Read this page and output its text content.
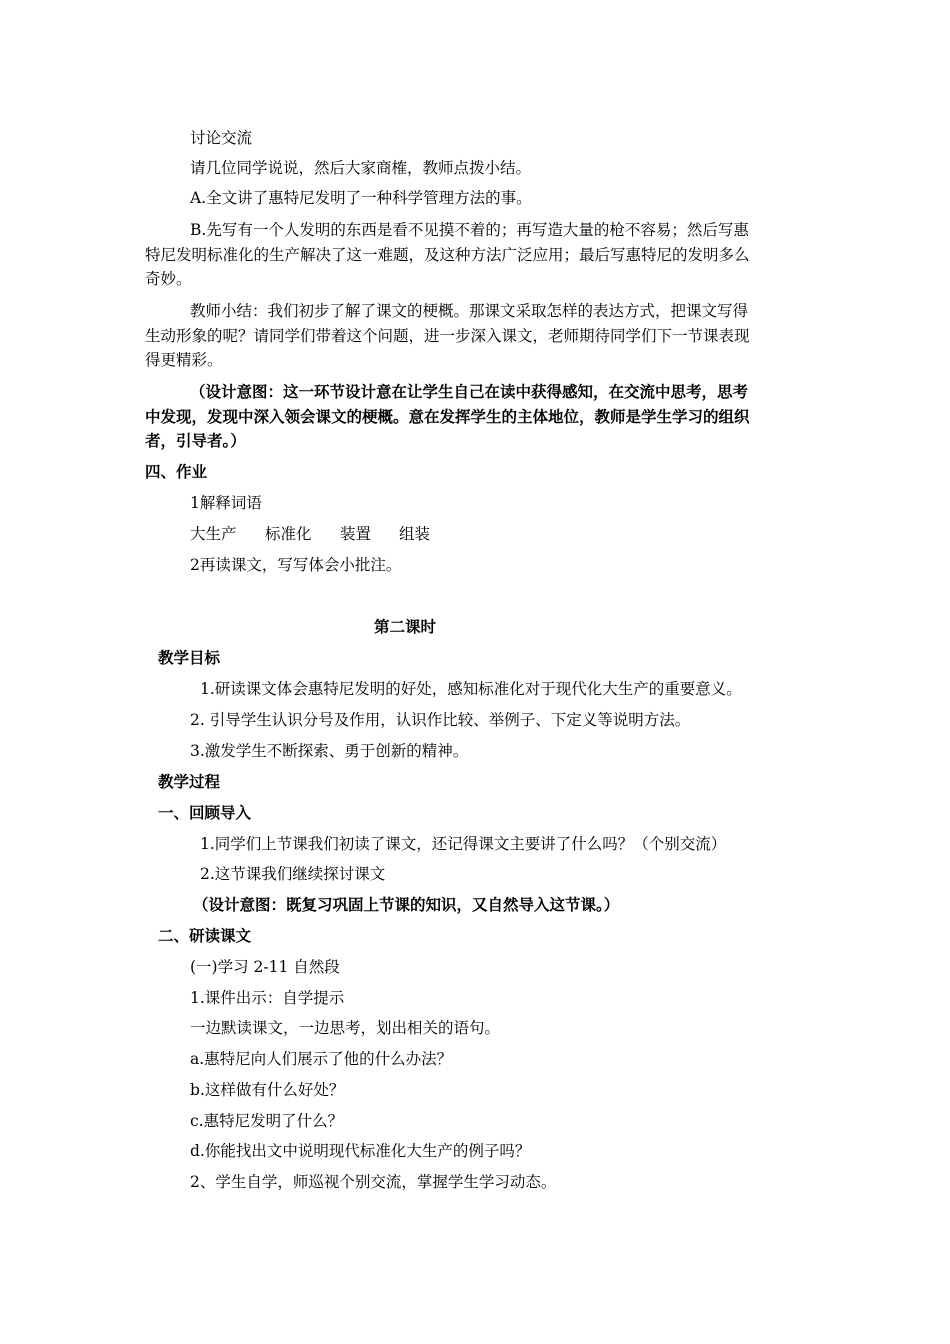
讨论交流

请几位同学说说，然后大家商榷，教师点拨小结。

A.全文讲了惠特尼发明了一种科学管理方法的事。

B.先写有一个人发明的东西是看不见摸不着的；再写造大量的枪不容易；然后写惠

特尼发明标准化的生产解决了这一难题，及这种方法广泛应用；最后写惠特尼的发明多么

奇妙。

教师小结：我们初步了解了课文的梗概。那课文采取怎样的表达方式，把课文写得

生动形象的呢？请同学们带着这个问题，进一步深入课文，老师期待同学们下一节课表现

得更精彩。

（设计意图：这一环节设计意在让学生自己在读中获得感知，在交流中思考，思考

中发现，发现中深入领会课文的梗概。意在发挥学生的主体地位，教师是学生学习的组织

者，引导者。）

四、作业

1解释词语

大生产 标准化 装置 组装

2再读课文，写写体会小批注。

第二课时

教学目标

1.研读课文体会惠特尼发明的好处，感知标准化对于现代化大生产的重要意义。

2. 引导学生认识分号及作用，认识作比较、举例子、下定义等说明方法。

3.激发学生不断探索、勇于创新的精神。

教学过程

一、回顾导入

1.同学们上节课我们初读了课文，还记得课文主要讲了什么吗？（个别交流）

2.这节课我们继续探讨课文

（设计意图：既复习巩固上节课的知识，又自然导入这节课。）

二、研读课文

(一)学习 2-11 自然段

1.课件出示：自学提示

一边默读课文，一边思考，划出相关的语句。

a.惠特尼向人们展示了他的什么办法？

b.这样做有什么好处？

c.惠特尼发明了什么？

d.你能找出文中说明现代标准化大生产的例子吗？

2、学生自学，师巡视个别交流，掌握学生学习动态。
